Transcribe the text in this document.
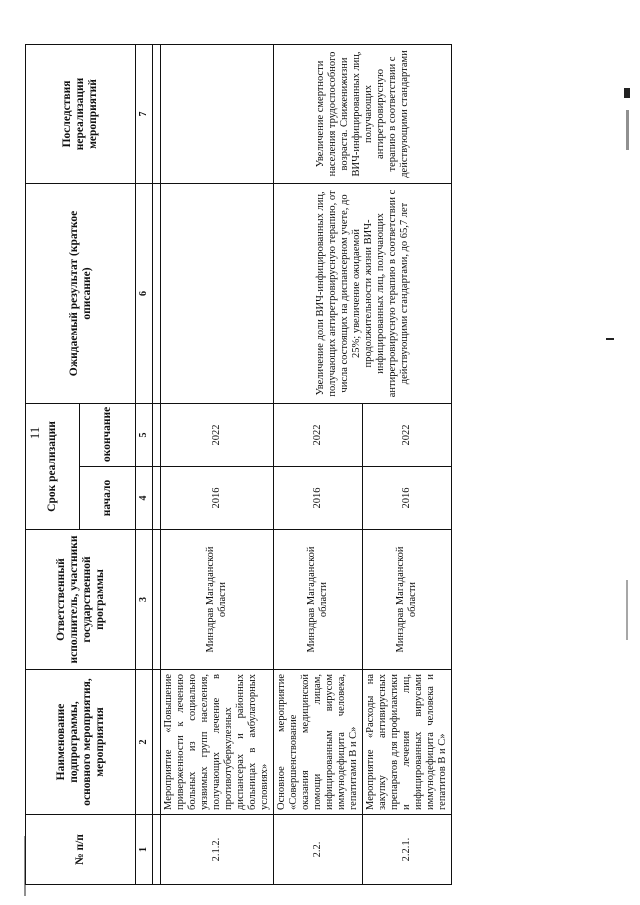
11
№ п/п	Наименование подпрограммы, основного мероприятия, мероприятия	Ответственный исполнитель, участники государственной программы	Срок реализации		Ожидаемый результат (краткое описание)	Последствия нереализации мероприятий
			начало	окончание		
1	2	3	4	5	6	7

2.1.2.	Мероприятие «Повышение приверженности к лечению больных из социально уязвимых групп населения, получающих лечение в противотуберкулезных диспансерах и районных больницах в амбулаторных условиях»	Минздрав Магаданской области	2016	2022		
2.2.	Основное мероприятие «Совершенствование оказания медицинской помощи лицам, инфицированным вирусом иммунодефицита человека, гепатитами B и C»	Минздрав Магаданской области	2016	2022	Увеличение доли ВИЧ-инфицированных лиц, получающих антиретровирусную терапию, от числа состоящих на диспансерном учете, до 25%; увеличение ожидаемой продолжительности жизни ВИЧ-инфицированных лиц, получающих антиретровирусную терапию в соответствии с действующими стандартами, до 65,7 лет	Увеличение смертности населения трудоспособного возраста. Сниженижизни ВИЧ-инфицированных лиц, получающих антиретровирусную терапию в соответствии с действующими стандартами
2.2.1.	Мероприятие «Расходы на закупку антивирусных препаратов для профилактики и лечения лиц, инфицированных вирусами иммунодефицита человека и гепатитов B и C»	Минздрав Магаданской области	2016	2022		
